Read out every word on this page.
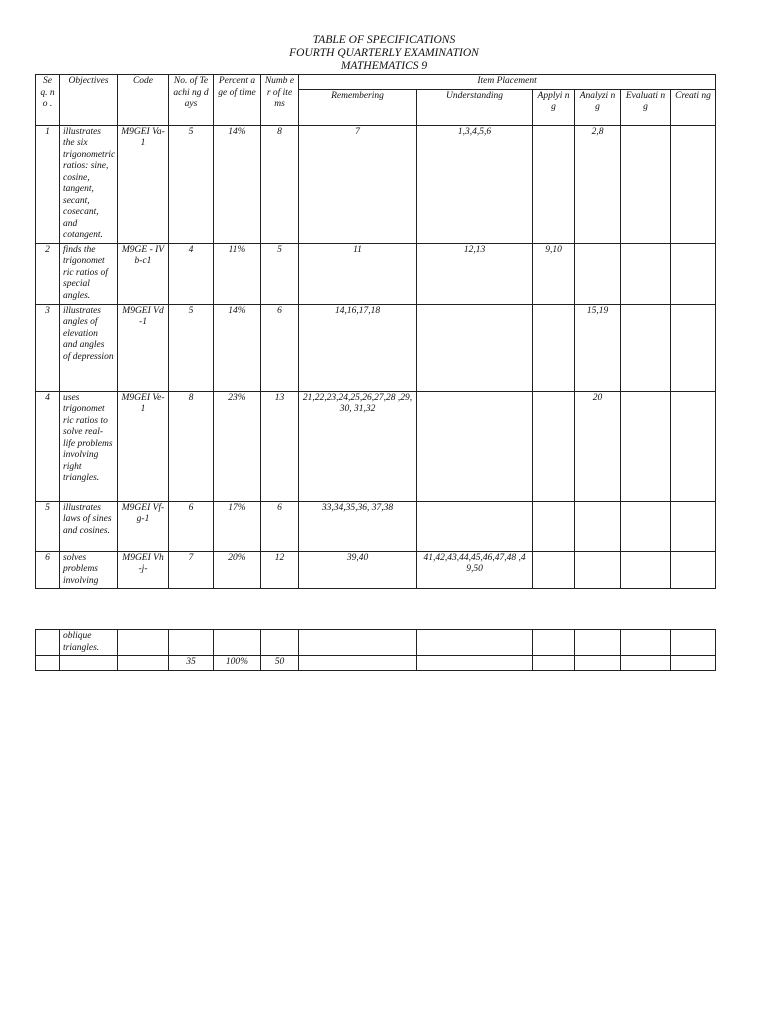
TABLE OF SPECIFICATIONS
FOURTH QUARTERLY EXAMINATION
MATHEMATICS 9
Se q. no .	Objectives	Code	No. of Teachi ng days	Percent age of time	Numb er of items	Item Placement					
						Remembering	Understanding	Applyi ng	Analyzi ng	Evaluati ng	Creati ng
1	illustrates the six trigonometric ratios: sine, cosine, tangent, secant, cosecant, and cotangent.	M9GEI Va-1	5	14%	8	7	1,3,4,5,6		2,8		
2	finds the trigonomet ric ratios of special angles.	M9GE - IVb-c1	4	11%	5	11	12,13	9,10			
3	illustrates angles of elevation and angles of depression	M9GEI Vd-1	5	14%	6	14,16,17,18			15,19		
4	uses trigonomet ric ratios to solve real-life problems involving right triangles.	M9GEI Ve-1	8	23%	13	21,22,23,24,25,26,27,28 ,29,30, 31,32			20		
5	illustrates laws of sines and cosines.	M9GEI Vf-g-1	6	17%	6	33,34,35,36, 37,38					
6	solves problems involving	M9GEI Vh-j-	7	20%	12	39,40	41,42,43,44,45,46,47,48 ,49,50				
	oblique triangles.										
			35	100%	50						
